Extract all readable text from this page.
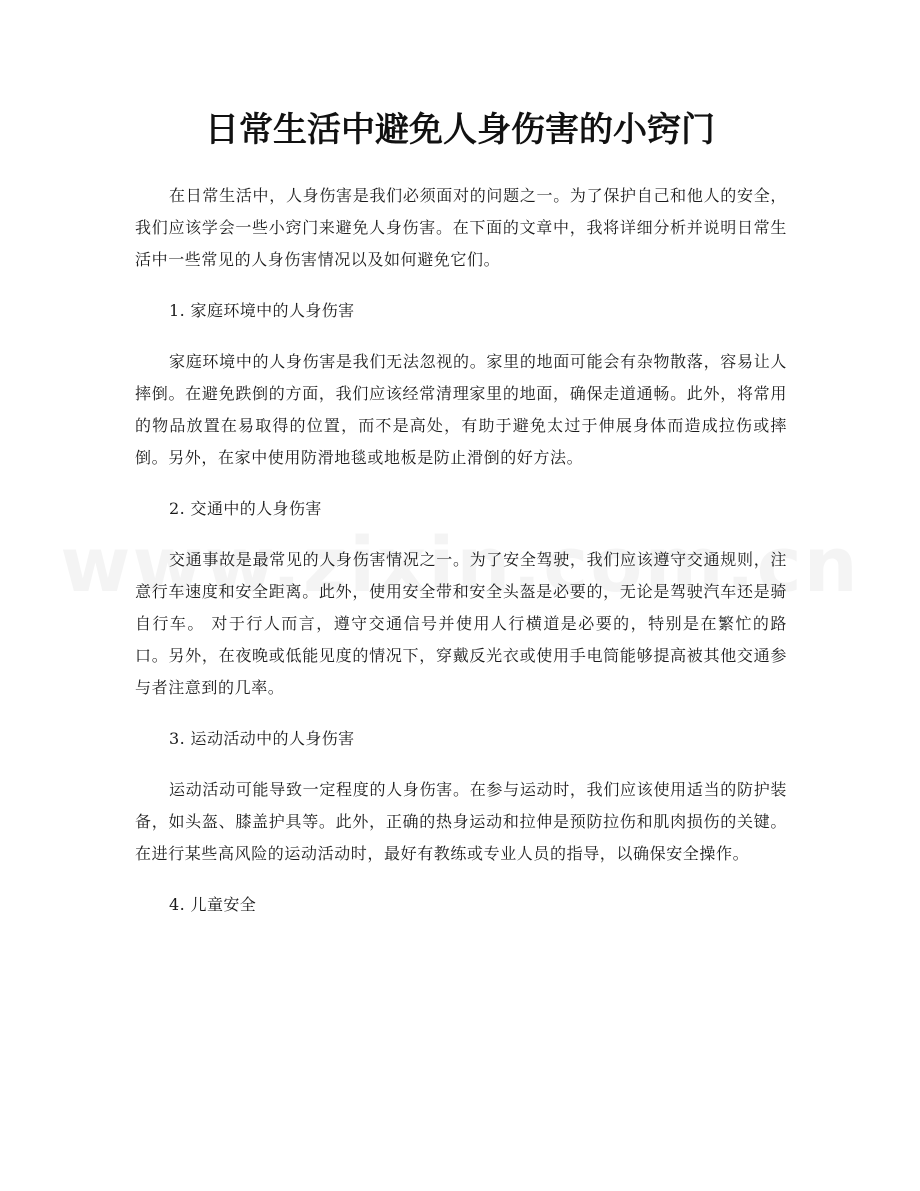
日常生活中避免人身伤害的小窍门

在日常生活中，人身伤害是我们必须面对的问题之一。为了保护自己和他人的安全，我们应该学会一些小窍门来避免人身伤害。在下面的文章中，我将详细分析并说明日常生活中一些常见的人身伤害情况以及如何避免它们。

1. 家庭环境中的人身伤害

家庭环境中的人身伤害是我们无法忽视的。家里的地面可能会有杂物散落，容易让人摔倒。在避免跌倒的方面，我们应该经常清理家里的地面，确保走道通畅。此外，将常用的物品放置在易取得的位置，而不是高处，有助于避免太过于伸展身体而造成拉伤或摔倒。另外，在家中使用防滑地毯或地板是防止滑倒的好方法。

2. 交通中的人身伤害

交通事故是最常见的人身伤害情况之一。为了安全驾驶，我们应该遵守交通规则，注意行车速度和安全距离。此外，使用安全带和安全头盔是必要的，无论是驾驶汽车还是骑自行车。 对于行人而言，遵守交通信号并使用人行横道是必要的，特别是在繁忙的路口。另外，在夜晚或低能见度的情况下，穿戴反光衣或使用手电筒能够提高被其他交通参与者注意到的几率。

3. 运动活动中的人身伤害

运动活动可能导致一定程度的人身伤害。在参与运动时，我们应该使用适当的防护装备，如头盔、膝盖护具等。此外，正确的热身运动和拉伸是预防拉伤和肌肉损伤的关键。在进行某些高风险的运动活动时，最好有教练或专业人员的指导，以确保安全操作。

4. 儿童安全
